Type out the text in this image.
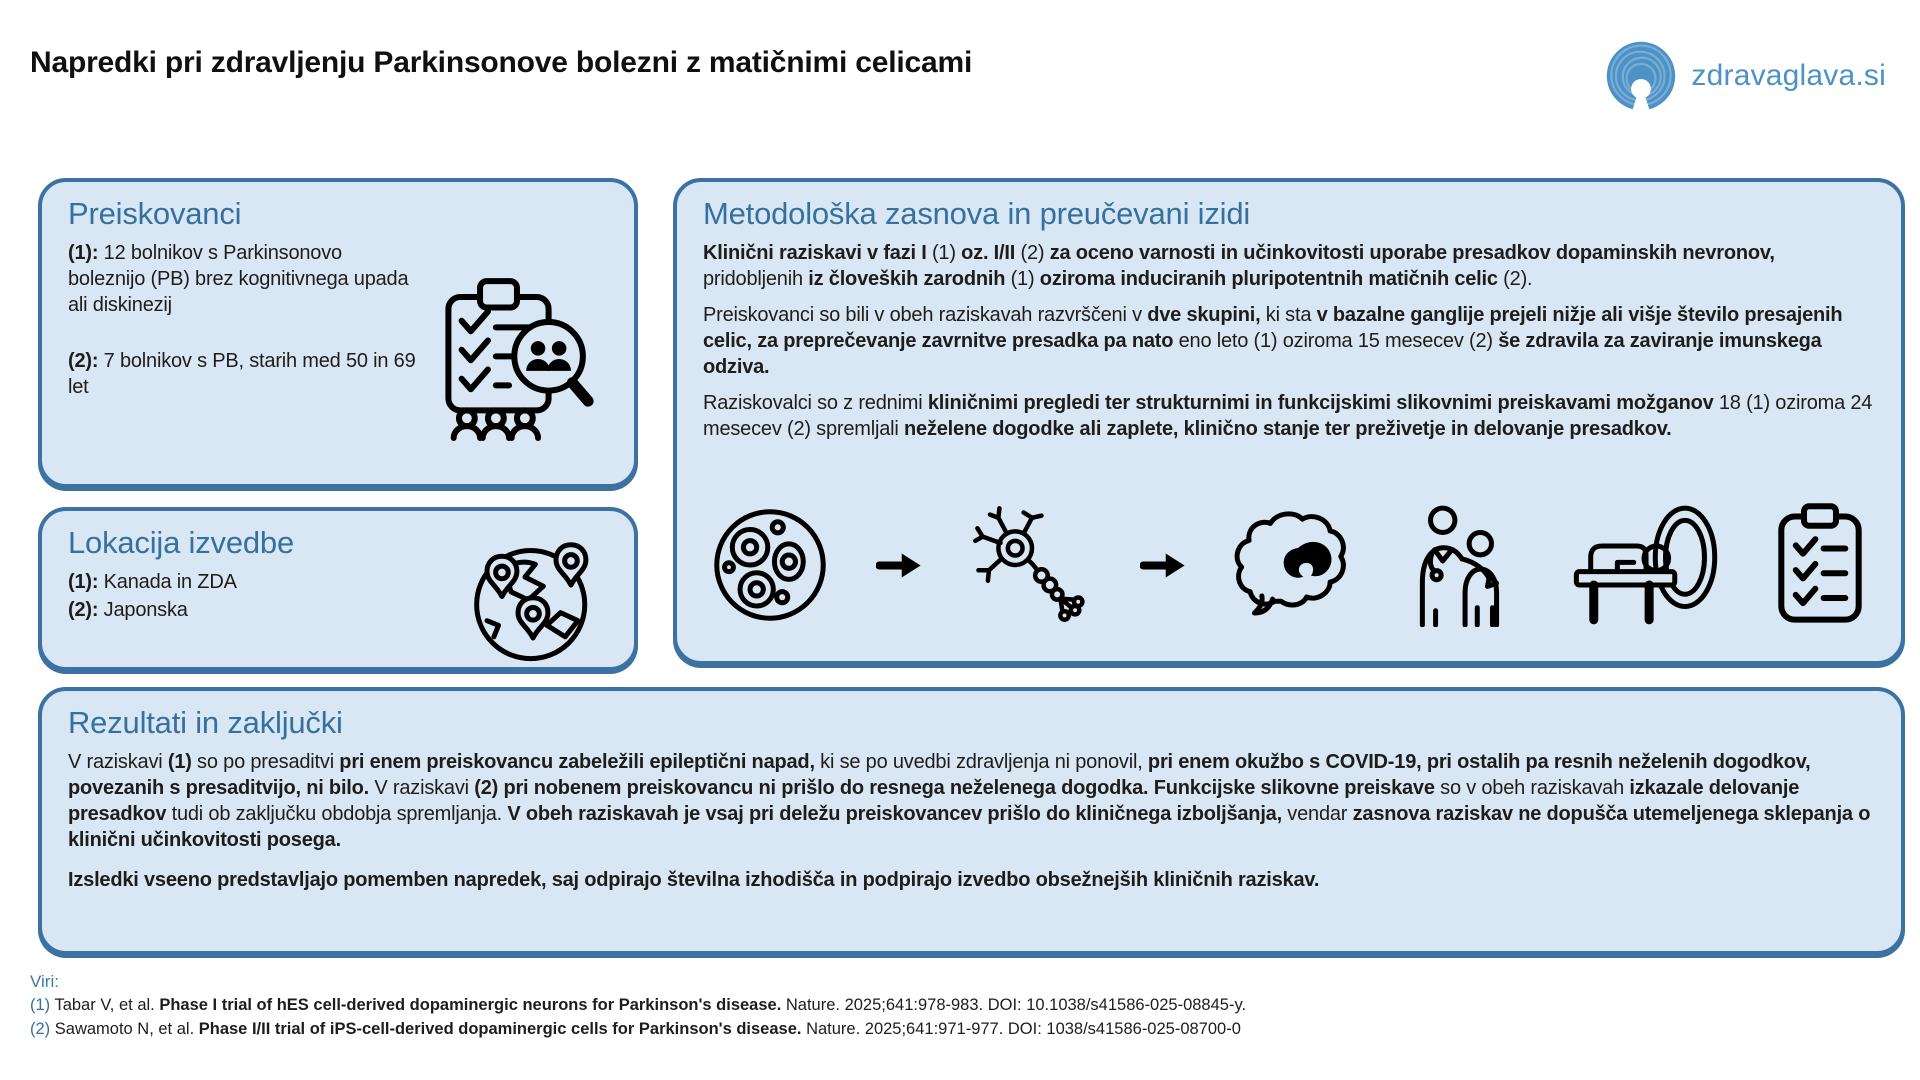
Napredki pri zdravljenju Parkinsonove bolezni z matičnimi celicami	zdravaglava.si
Preiskovanci

(1): 12 bolnikov s Parkinsonovo boleznijo (PB) brez kognitivnega upada ali diskinezij

(2): 7 bolnikov s PB, starih med 50 in 69 let

Lokacija izvedbe

(1): Kanada in ZDA

(2): Japonska

Metodološka zasnova in preučevani izidi

Klinični raziskavi v fazi I (1) oz. I/II (2) za oceno varnosti in učinkovitosti uporabe presadkov dopaminskih nevronov, pridobljenih iz človeških zarodnih (1) oziroma induciranih pluripotentnih matičnih celic (2).

Preiskovanci so bili v obeh raziskavah razvrščeni v dve skupini, ki sta v bazalne ganglije prejeli nižje ali višje število presajenih celic, za preprečevanje zavrnitve presadka pa nato eno leto (1) oziroma 15 mesecev (2) še zdravila za zaviranje imunskega odziva.

Raziskovalci so z rednimi kliničnimi pregledi ter strukturnimi in funkcijskimi slikovnimi preiskavami možganov 18 (1) oziroma 24 mesecev (2) spremljali neželene dogodke ali zaplete, klinično stanje ter preživetje in delovanje presadkov.

Rezultati in zaključki

V raziskavi (1) so po presaditvi pri enem preiskovancu zabeležili epileptični napad, ki se po uvedbi zdravljenja ni ponovil, pri enem okužbo s COVID-19, pri ostalih pa resnih neželenih dogodkov, povezanih s presaditvijo, ni bilo. V raziskavi (2) pri nobenem preiskovancu ni prišlo do resnega neželenega dogodka. Funkcijske slikovne preiskave so v obeh raziskavah izkazale delovanje presadkov tudi ob zaključku obdobja spremljanja. V obeh raziskavah je vsaj pri deležu preiskovancev prišlo do kliničnega izboljšanja, vendar zasnova raziskav ne dopušča utemeljenega sklepanja o klinični učinkovitosti posega.

Izsledki vseeno predstavljajo pomemben napredek, saj odpirajo številna izhodišča in podpirajo izvedbo obsežnejših kliničnih raziskav.

Viri:
(1) Tabar V, et al. Phase I trial of hES cell-derived dopaminergic neurons for Parkinson's disease. Nature. 2025;641:978-983. DOI: 10.1038/s41586-025-08845-y.
(2) Sawamoto N, et al. Phase I/II trial of iPS-cell-derived dopaminergic cells for Parkinson's disease. Nature. 2025;641:971-977. DOI: 1038/s41586-025-08700-0
